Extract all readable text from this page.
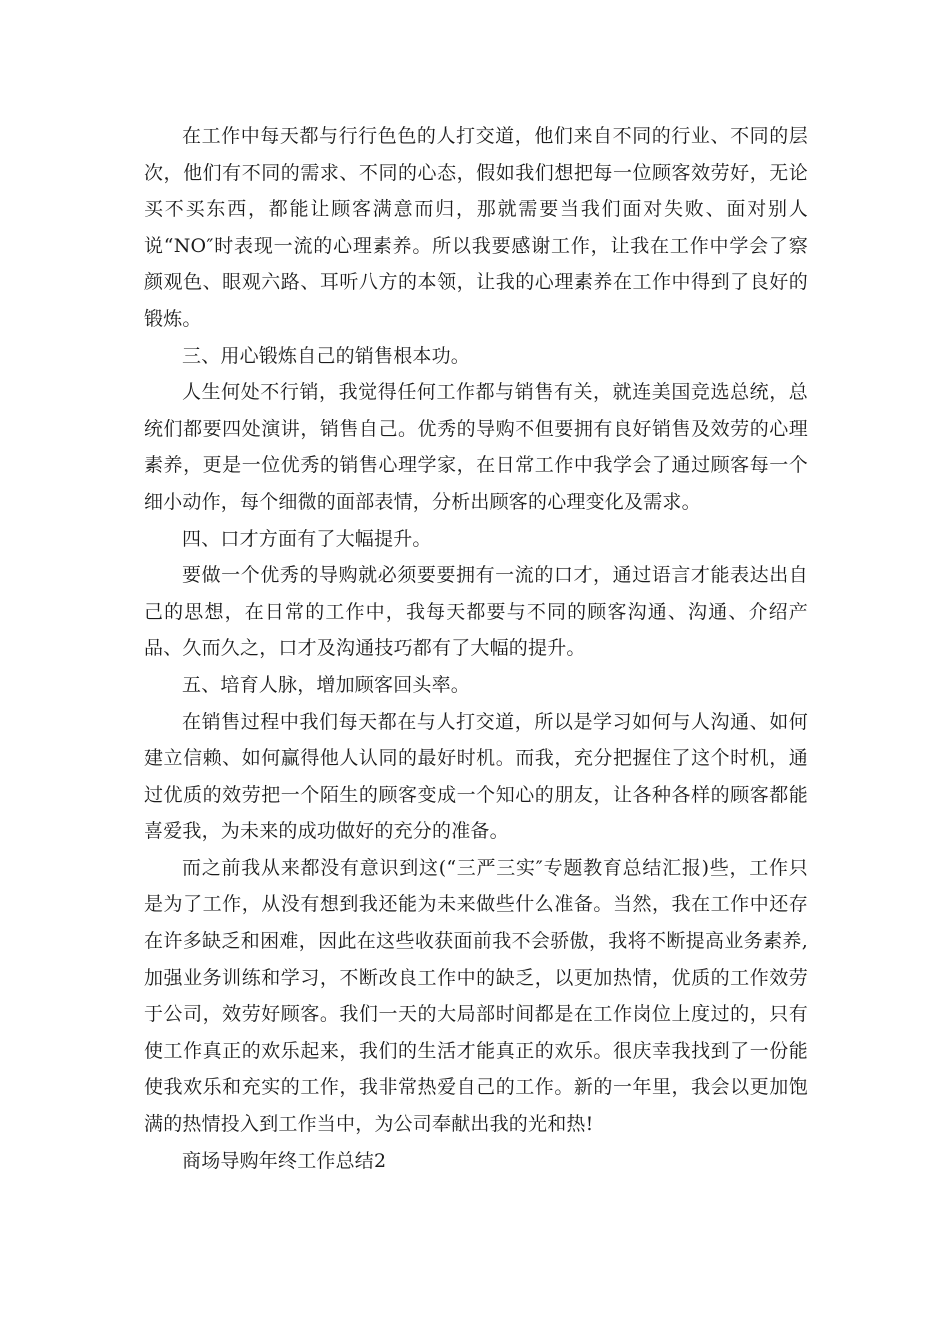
在工作中每天都与行行色色的人打交道，他们来自不同的行业、不同的层次，他们有不同的需求、不同的心态，假如我们想把每一位顾客效劳好，无论买不买东西，都能让顾客满意而归，那就需要当我们面对失败、面对别人说“NO″时表现一流的心理素养。所以我要感谢工作，让我在工作中学会了察颜观色、眼观六路、耳听八方的本领，让我的心理素养在工作中得到了良好的锻炼。

三、用心锻炼自己的销售根本功。

人生何处不行销，我觉得任何工作都与销售有关，就连美国竞选总统，总统们都要四处演讲，销售自己。优秀的导购不但要拥有良好销售及效劳的心理素养，更是一位优秀的销售心理学家，在日常工作中我学会了通过顾客每一个细小动作，每个细微的面部表情，分析出顾客的心理变化及需求。

四、口才方面有了大幅提升。

要做一个优秀的导购就必须要要拥有一流的口才，通过语言才能表达出自己的思想，在日常的工作中，我每天都要与不同的顾客沟通、沟通、介绍产品、久而久之，口才及沟通技巧都有了大幅的提升。

五、培育人脉，增加顾客回头率。

在销售过程中我们每天都在与人打交道，所以是学习如何与人沟通、如何建立信赖、如何赢得他人认同的最好时机。而我，充分把握住了这个时机，通过优质的效劳把一个陌生的顾客变成一个知心的朋友，让各种各样的顾客都能喜爱我，为未来的成功做好的充分的准备。

而之前我从来都没有意识到这(“三严三实″专题教育总结汇报)些，工作只是为了工作，从没有想到我还能为未来做些什么准备。当然，我在工作中还存在许多缺乏和困难，因此在这些收获面前我不会骄傲，我将不断提高业务素养,加强业务训练和学习，不断改良工作中的缺乏，以更加热情，优质的工作效劳于公司，效劳好顾客。我们一天的大局部时间都是在工作岗位上度过的，只有使工作真正的欢乐起来，我们的生活才能真正的欢乐。很庆幸我找到了一份能使我欢乐和充实的工作，我非常热爱自己的工作。新的一年里，我会以更加饱满的热情投入到工作当中，为公司奉献出我的光和热!

商场导购年终工作总结2
